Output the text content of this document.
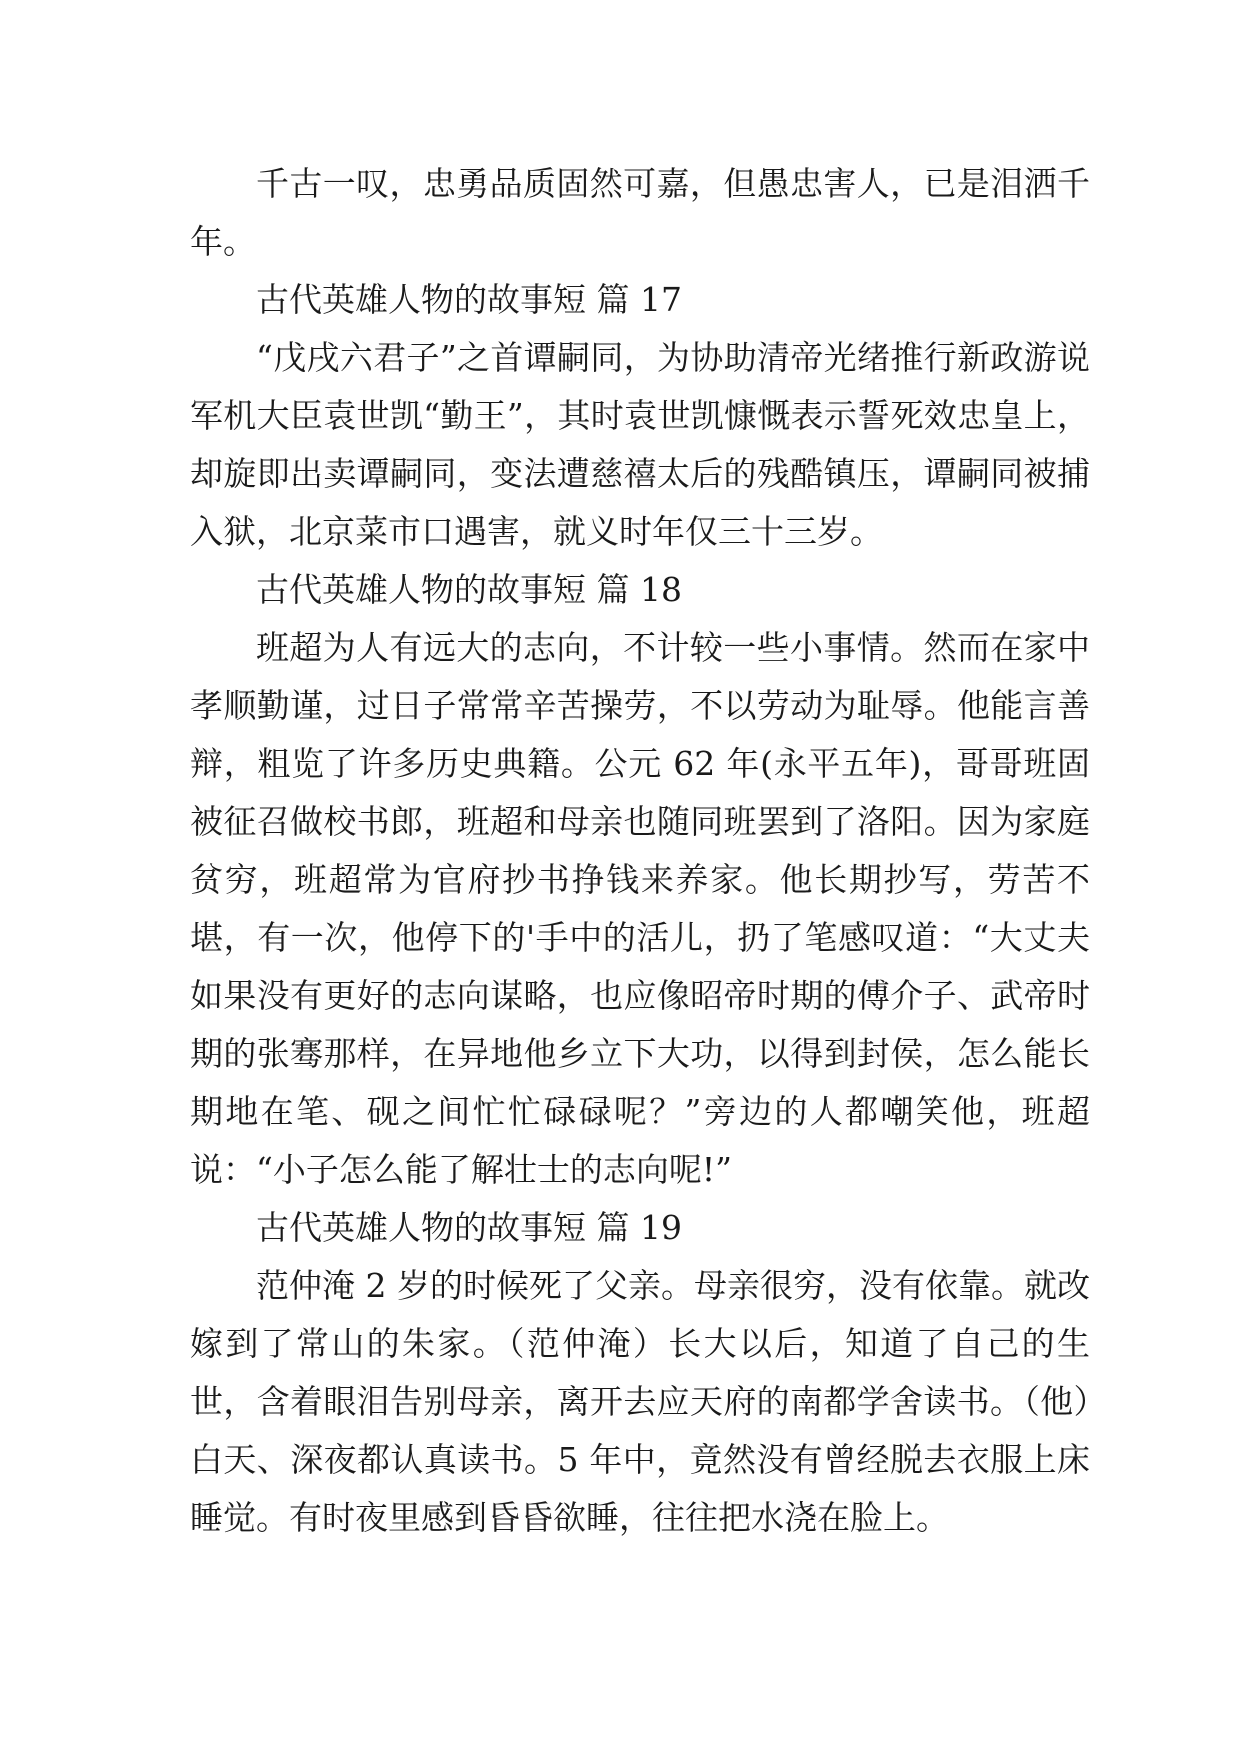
千古一叹，忠勇品质固然可嘉，但愚忠害人，已是泪洒千年。

古代英雄人物的故事短 篇 17

“戊戌六君子”之首谭嗣同，为协助清帝光绪推行新政游说军机大臣袁世凯“勤王”，其时袁世凯慷慨表示誓死效忠皇上，却旋即出卖谭嗣同，变法遭慈禧太后的残酷镇压，谭嗣同被捕入狱，北京菜市口遇害，就义时年仅三十三岁。

古代英雄人物的故事短 篇 18

班超为人有远大的志向，不计较一些小事情。然而在家中孝顺勤谨，过日子常常辛苦操劳，不以劳动为耻辱。他能言善辩，粗览了许多历史典籍。公元 62 年(永平五年)，哥哥班固被征召做校书郎，班超和母亲也随同班罢到了洛阳。因为家庭贫穷，班超常为官府抄书挣钱来养家。他长期抄写，劳苦不堪，有一次，他停下的'手中的活儿，扔了笔感叹道：“大丈夫如果没有更好的志向谋略，也应像昭帝时期的傅介子、武帝时期的张骞那样，在异地他乡立下大功，以得到封侯，怎么能长期地在笔、砚之间忙忙碌碌呢？”旁边的人都嘲笑他，班超说：“小子怎么能了解壮士的志向呢!”

古代英雄人物的故事短 篇 19

范仲淹 2 岁的时候死了父亲。母亲很穷，没有依靠。就改嫁到了常山的朱家。（范仲淹）长大以后，知道了自己的生世，含着眼泪告别母亲，离开去应天府的南都学舍读书。（他）白天、深夜都认真读书。5 年中，竟然没有曾经脱去衣服上床睡觉。有时夜里感到昏昏欲睡，往往把水浇在脸上。
